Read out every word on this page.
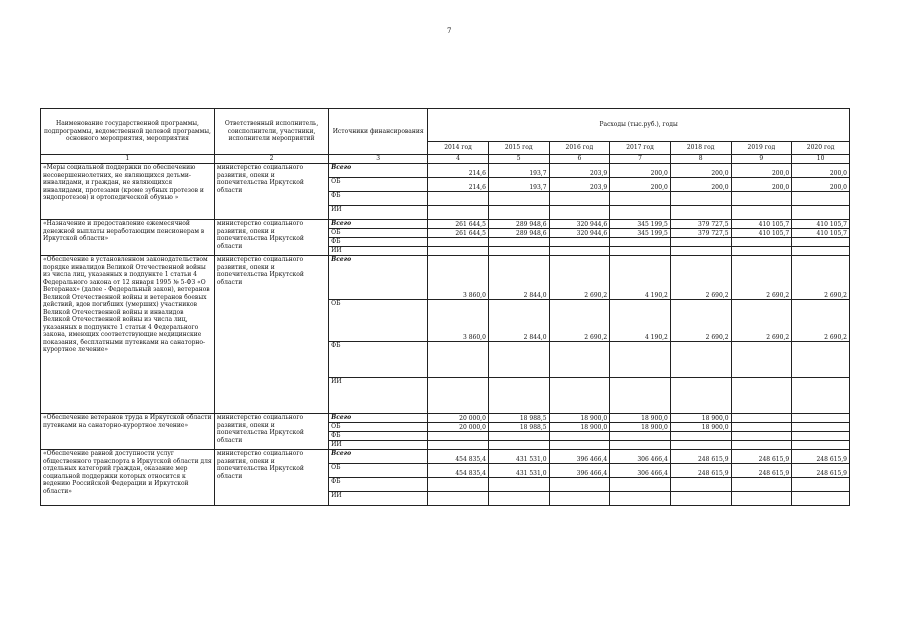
7
Наименование государственной программы, подпрограммы, ведомственной целевой программы, основного мероприятия, мероприятия	Ответственный исполнитель, соисполнители, участники, исполнители мероприятий	Источники финансирования	Расходы (тыс.руб.), годы						
			2014 год	2015 год	2016 год	2017 год	2018 год	2019 год	2020 год
1	2	3	4	5	6	7	8	9	10
«Меры социальной поддержки по обеспечению несовершеннолетних, не являющихся детьми-инвалидами, и граждан, не являющихся инвалидами, протезами (кроме зубных протезов и эндопротезов) и ортопедической обувью »	министерство социального развития, опеки и попечительства Иркутской области	Всего	214,6	193,7	203,9	200,0	200,0	200,0	200,0
		ОБ	214,6	193,7	203,9	200,0	200,0	200,0	200,0
		ФБ							
		ИИ							
«Назначение и предоставление ежемесячной денежной выплаты неработающим пенсионерам в Иркутской области»	министерство социального развития, опеки и попечительства Иркутской области	Всего	261 644,5	289 948,6	320 944,6	345 199,5	379 727,5	410 105,7	410 105,7
		ОБ	261 644,5	289 948,6	320 944,6	345 199,5	379 727,5	410 105,7	410 105,7
		ФБ							
		ИИ							
«Обеспечение в установленном законодательством порядке инвалидов Великой Отечественной войны из числа лиц, указанных в подпункте 1 статьи 4 Федерального закона от 12 января 1995 № 5-ФЗ «О Ветеранах» (далее - Федеральный закон), ветеранов Великой Отечественной войны и ветеранов боевых действий, вдов погибших (умерших) участников Великой Отечественной войны и инвалидов Великой Отечественной войны из числа лиц, указанных в подпункте 1 статьи 4 Федерального закона, имеющих соответствующие медицинские показания, бесплатными путевками на санаторно-курортное лечение»	министерство социального развития, опеки и попечительства Иркутской области	Всего	3 860,0	2 844,0	2 690,2	4 190,2	2 690,2	2 690,2	2 690,2
		ОБ	3 860,0	2 844,0	2 690,2	4 190,2	2 690,2	2 690,2	2 690,2
		ФБ							
		ИИ							
«Обеспечение ветеранов труда в Иркутской области путевками на санаторно-курортное лечение»	министерство социального развития, опеки и попечительства Иркутской области	Всего	20 000,0	18 988,5	18 900,0	18 900,0	18 900,0		
		ОБ	20 000,0	18 988,5	18 900,0	18 900,0	18 900,0		
		ФБ							
		ИИ							
«Обеспечение равной доступности услуг общественного транспорта в Иркутской области для отдельных категорий граждан, оказание мер социальной поддержки которых относится к ведению Российской Федерации и Иркутской области»	министерство социального развития, опеки и попечительства Иркутской области	Всего	454 835,4	431 531,0	396 466,4	306 466,4	248 615,9	248 615,9	248 615,9
		ОБ	454 835,4	431 531,0	396 466,4	306 466,4	248 615,9	248 615,9	248 615,9
		ФБ							
		ИИ							
